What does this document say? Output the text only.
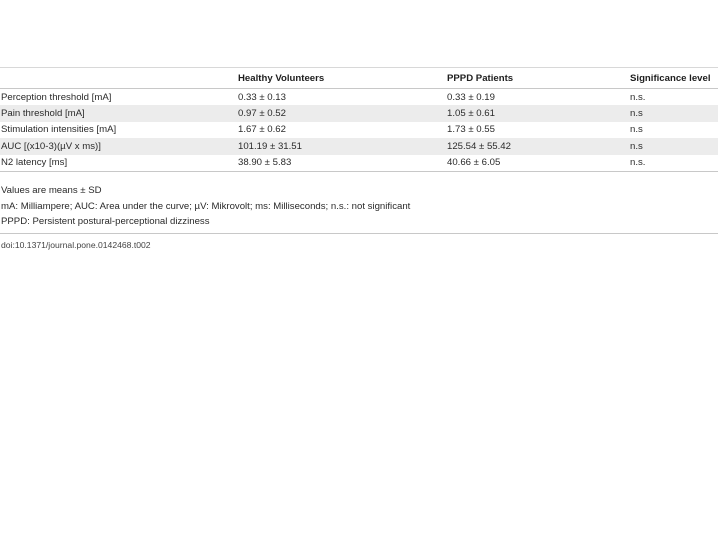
	Healthy Volunteers	PPPD Patients	Significance level
Perception threshold [mA]	0.33 ± 0.13	0.33 ± 0.19	n.s.
Pain threshold [mA]	0.97 ± 0.52	1.05 ± 0.61	n.s
Stimulation intensities [mA]	1.67 ± 0.62	1.73 ± 0.55	n.s
AUC [(x10-3)(µV x ms)]	101.19 ± 31.51	125.54 ± 55.42	n.s
N2 latency [ms]	38.90 ± 5.83	40.66 ± 6.05	n.s.

Values are means ± SD

mA: Milliampere; AUC: Area under the curve; µV: Mikrovolt; ms: Milliseconds; n.s.: not significant

PPPD: Persistent postural-perceptional dizziness

doi:10.1371/journal.pone.0142468.t002
